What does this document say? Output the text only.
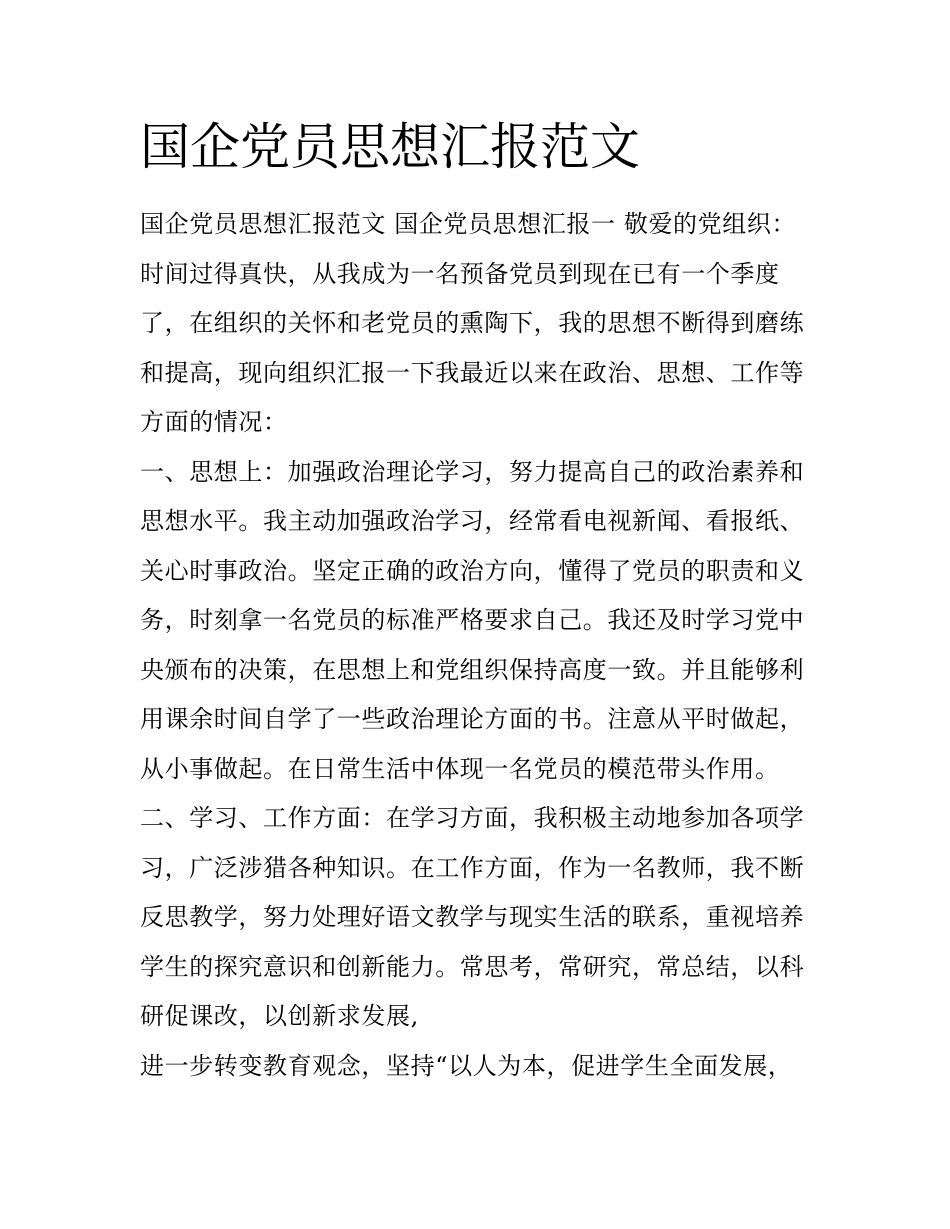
国企党员思想汇报范文
国企党员思想汇报范文 国企党员思想汇报一 敬爱的党组织：
时间过得真快，从我成为一名预备党员到现在已有一个季度
了，在组织的关怀和老党员的熏陶下，我的思想不断得到磨练
和提高，现向组织汇报一下我最近以来在政治、思想、工作等
方面的情况：
一、思想上：加强政治理论学习，努力提高自己的政治素养和
思想水平。我主动加强政治学习，经常看电视新闻、看报纸、
关心时事政治。坚定正确的政治方向，懂得了党员的职责和义
务，时刻拿一名党员的标准严格要求自己。我还及时学习党中
央颁布的决策，在思想上和党组织保持高度一致。并且能够利
用课余时间自学了一些政治理论方面的书。注意从平时做起，
从小事做起。在日常生活中体现一名党员的模范带头作用。
二、学习、工作方面：在学习方面，我积极主动地参加各项学
习，广泛涉猎各种知识。在工作方面，作为一名教师，我不断
反思教学，努力处理好语文教学与现实生活的联系，重视培养
学生的探究意识和创新能力。常思考，常研究，常总结，以科
研促课改，以创新求发展,
进一步转变教育观念，坚持“以人为本，促进学生全面发展，
